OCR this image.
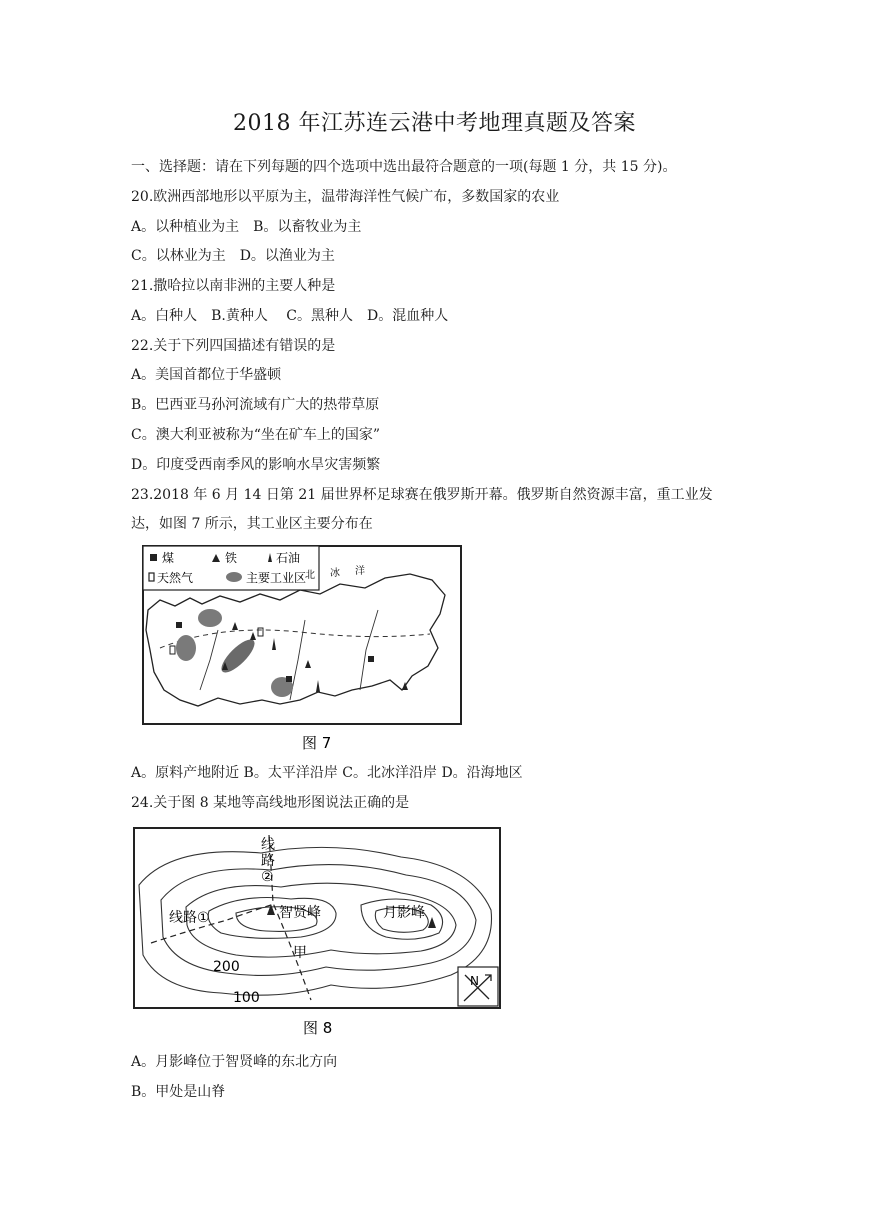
2018 年江苏连云港中考地理真题及答案
一、选择题：请在下列每题的四个选项中选出最符合题意的一项(每题 1 分，共 15 分)。
20.欧洲西部地形以平原为主，温带海洋性气候广布，多数国家的农业
A。以种植业为主　B。以畜牧业为主
C。以林业为主　D。以渔业为主
21.撒哈拉以南非洲的主要人种是
A。白种人　B.黄种人　 C。黑种人　D。混血种人
22.关于下列四国描述有错误的是
A。美国首都位于华盛顿
B。巴西亚马孙河流域有广大的热带草原
C。澳大利亚被称为“坐在矿车上的国家”
D。印度受西南季风的影响水旱灾害频繁
23.2018 年 6 月 14 日第 21 届世界杯足球赛在俄罗斯开幕。俄罗斯自然资源丰富，重工业发
达，如图 7 所示，其工业区主要分布在
煤	铁	石油
天然气	主要工业区
北 冰 洋
图 7
A。原料产地附近 B。太平洋沿岸 C。北冰洋沿岸 D。沿海地区
24.关于图 8 某地等高线地形图说法正确的是
智贤峰	月影峰
线路①
线
路
②
甲
200
100
N
图 8
A。月影峰位于智贤峰的东北方向
B。甲处是山脊
